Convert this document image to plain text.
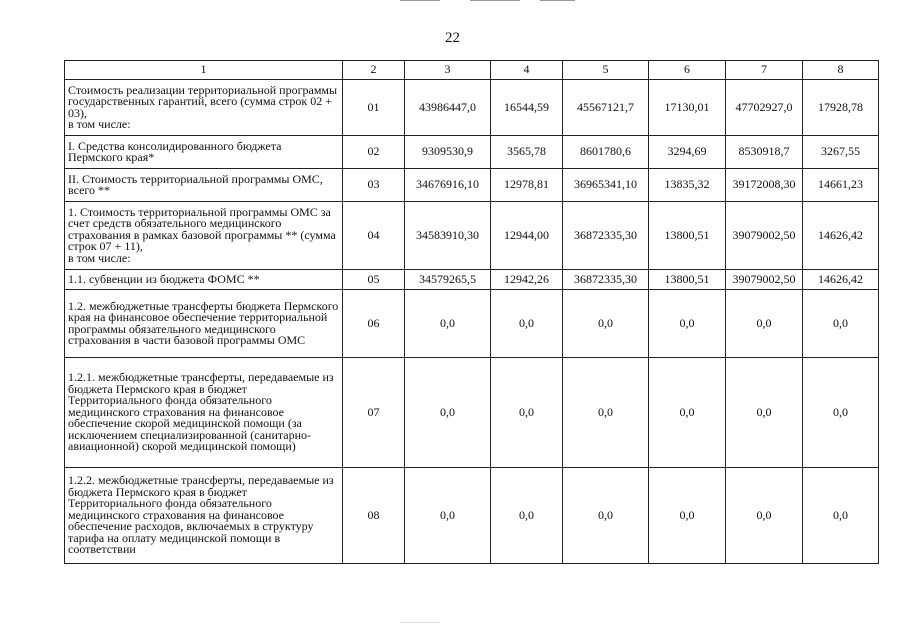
22
1	2	3	4	5	6	7	8
Стоимость реализации территориальной программы государственных гарантий, всего (сумма строк 02 + 03),
в том числе:	01	43986447,0	16544,59	45567121,7	17130,01	47702927,0	17928,78
I. Средства консолидированного бюджета Пермского края*	02	9309530,9	3565,78	8601780,6	3294,69	8530918,7	3267,55
II. Стоимость территориальной программы ОМС, всего **	03	34676916,10	12978,81	36965341,10	13835,32	39172008,30	14661,23
1. Стоимость территориальной программы ОМС за счет средств обязательного медицинского страхования в рамках базовой программы ** (сумма строк 07 + 11),
в том числе:	04	34583910,30	12944,00	36872335,30	13800,51	39079002,50	14626,42
1.1. субвенции из бюджета ФОМС **	05	34579265,5	12942,26	36872335,30	13800,51	39079002,50	14626,42
1.2. межбюджетные трансферты бюджета Пермского края на финансовое обеспечение территориальной программы обязательного медицинского страхования в части базовой программы ОМС	06	0,0	0,0	0,0	0,0	0,0	0,0
1.2.1. межбюджетные трансферты, передаваемые из бюджета Пермского края в бюджет Территориального фонда обязательного медицинского страхования на финансовое обеспечение скорой медицинской помощи (за исключением специализированной (санитарно-авиационной) скорой медицинской помощи)	07	0,0	0,0	0,0	0,0	0,0	0,0
1.2.2. межбюджетные трансферты, передаваемые из бюджета Пермского края в бюджет Территориального фонда обязательного медицинского страхования на финансовое обеспечение расходов, включаемых в структуру тарифа на оплату медицинской помощи в соответствии	08	0,0	0,0	0,0	0,0	0,0	0,0
